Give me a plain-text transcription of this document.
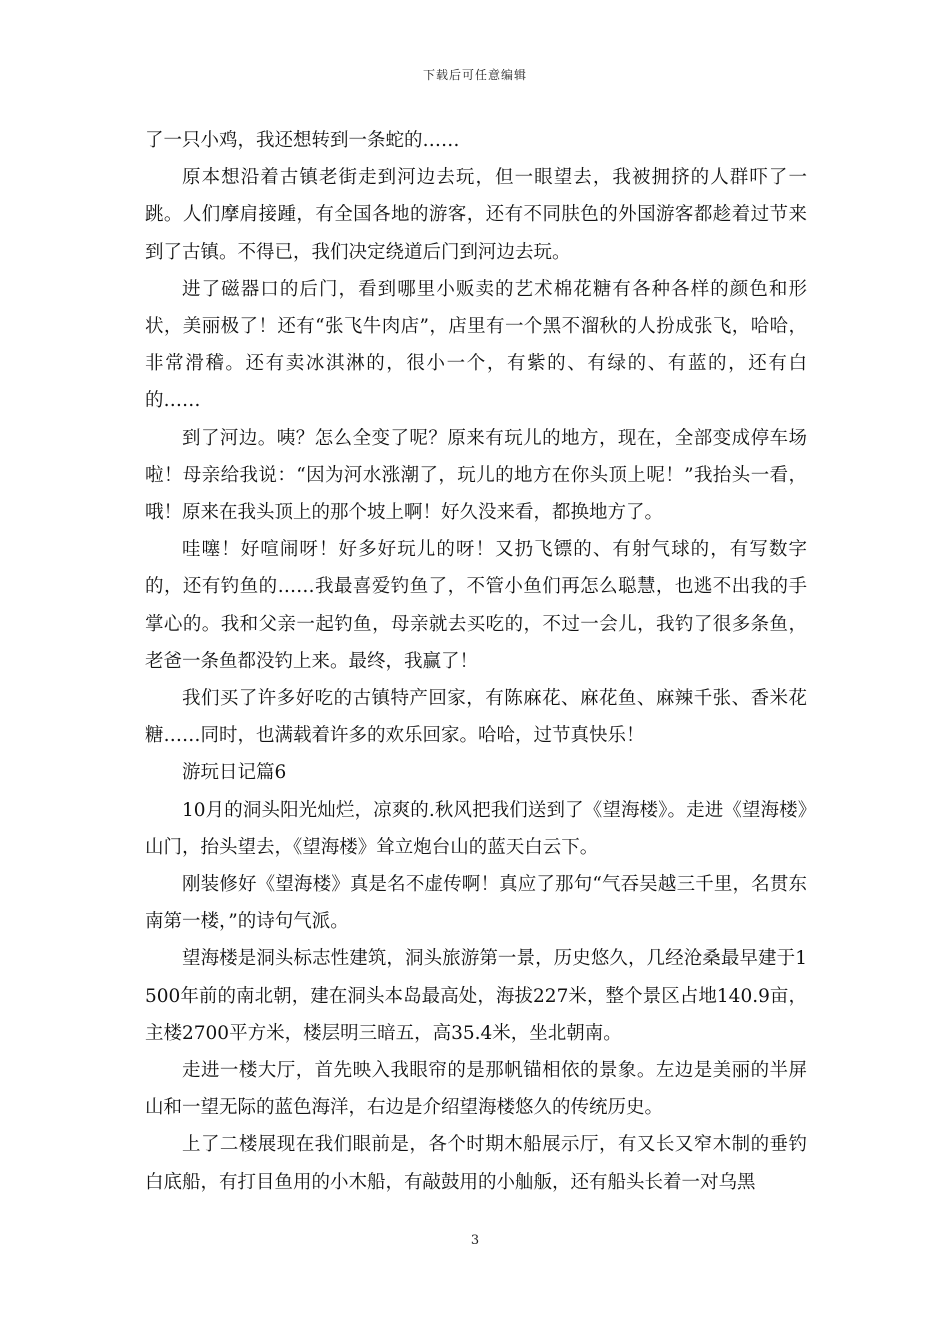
下载后可任意编辑

了一只小鸡，我还想转到一条蛇的……

原本想沿着古镇老街走到河边去玩，但一眼望去，我被拥挤的人群吓了一跳。人们摩肩接踵，有全国各地的游客，还有不同肤色的外国游客都趁着过节来到了古镇。不得已，我们决定绕道后门到河边去玩。

进了磁器口的后门，看到哪里小贩卖的艺术棉花糖有各种各样的颜色和形状，美丽极了！还有“张飞牛肉店”，店里有一个黑不溜秋的人扮成张飞，哈哈，非常滑稽。还有卖冰淇淋的，很小一个，有紫的、有绿的、有蓝的，还有白的……

到了河边。咦？怎么全变了呢？原来有玩儿的地方，现在，全部变成停车场啦！母亲给我说：“因为河水涨潮了，玩儿的地方在你头顶上呢！”我抬头一看，哦！原来在我头顶上的那个坡上啊！好久没来看，都换地方了。

哇噻！好喧闹呀！好多好玩儿的呀！又扔飞镖的、有射气球的，有写数字的，还有钓鱼的……我最喜爱钓鱼了，不管小鱼们再怎么聪慧，也逃不出我的手掌心的。我和父亲一起钓鱼，母亲就去买吃的，不过一会儿，我钓了很多条鱼，老爸一条鱼都没钓上来。最终，我赢了！

我们买了许多好吃的古镇特产回家，有陈麻花、麻花鱼、麻辣千张、香米花糖……同时，也满载着许多的欢乐回家。哈哈，过节真快乐！

游玩日记篇6

10月的洞头阳光灿烂，凉爽的.秋风把我们送到了《望海楼》。走进《望海楼》山门，抬头望去，《望海楼》耸立炮台山的蓝天白云下。

刚装修好《望海楼》真是名不虚传啊！真应了那句“气吞吴越三千里，名贯东南第一楼，”的诗句气派。

望海楼是洞头标志性建筑，洞头旅游第一景，历史悠久，几经沧桑最早建于1500年前的南北朝，建在洞头本岛最高处，海拔227米，整个景区占地140.9亩，主楼2700平方米，楼层明三暗五，高35.4米，坐北朝南。

走进一楼大厅，首先映入我眼帘的是那帆锚相依的景象。左边是美丽的半屏山和一望无际的蓝色海洋，右边是介绍望海楼悠久的传统历史。

上了二楼展现在我们眼前是，各个时期木船展示厅，有又长又窄木制的垂钓白底船，有打目鱼用的小木船，有敲鼓用的小舢舨，还有船头长着一对乌黑

3
